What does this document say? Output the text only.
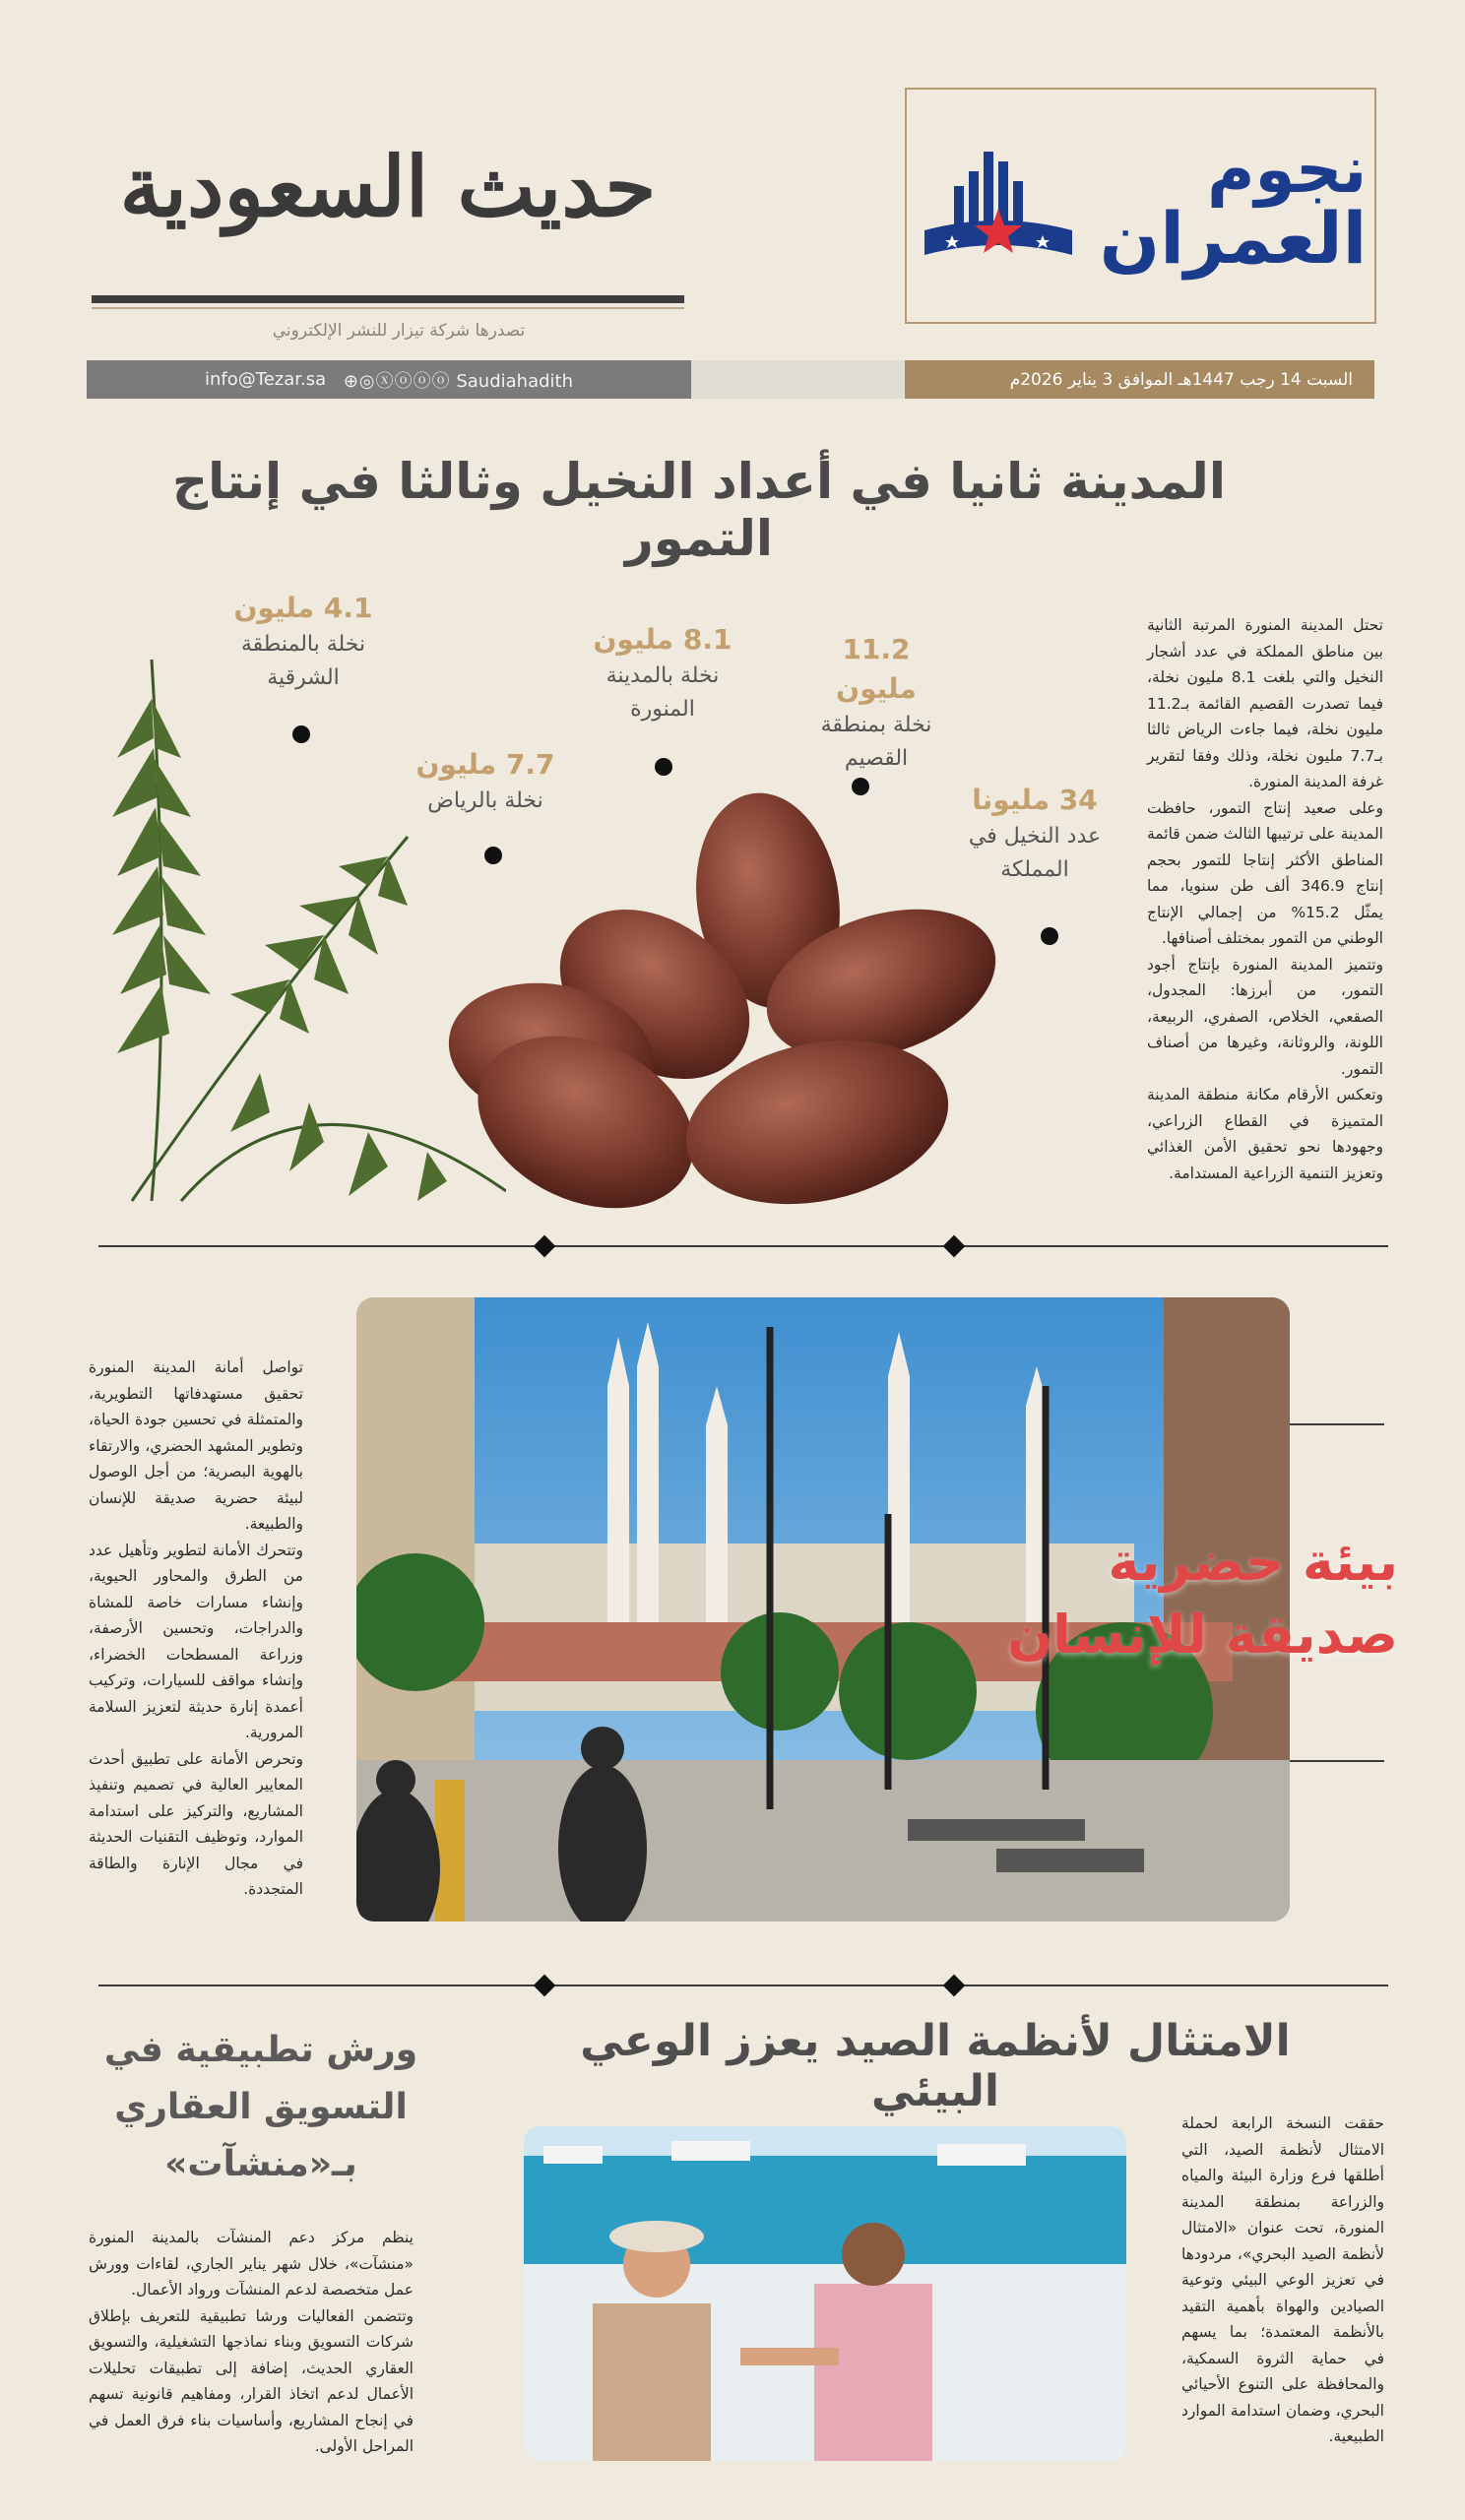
نجوم
العمران
حديث السعودية
تصدرها شركة تيزار للنشر الإلكتروني
السبت 14 رجب 1447هـ الموافق 3 يناير 2026م
info@Tezar.sa ⊕◎ⓧⓞⓞⓞ Saudiahadith
المدينة ثانيا في أعداد النخيل وثالثا في إنتاج التمور

تحتل المدينة المنورة المرتبة الثانية بين مناطق المملكة في عدد أشجار النخيل والتي بلغت 8.1 مليون نخلة، فيما تصدرت القصيم القائمة بـ11.2 مليون نخلة، فيما جاءت الرياض ثالثا بـ7.7 مليون نخلة، وذلك وفقا لتقرير غرفة المدينة المنورة.

وعلى صعيد إنتاج التمور، حافظت المدينة على ترتيبها الثالث ضمن قائمة المناطق الأكثر إنتاجا للتمور بحجم إنتاج 346.9 ألف طن سنويا، مما يمثّل 15.2% من إجمالي الإنتاج الوطني من التمور بمختلف أصنافها.

وتتميز المدينة المنورة بإنتاج أجود التمور، من أبرزها: المجدول، الصقعي، الخلاص، الصفري، الربيعة، اللونة، والروثانة، وغيرها من أصناف التمور.

وتعكس الأرقام مكانة منطقة المدينة المتميزة في القطاع الزراعي، وجهودها نحو تحقيق الأمن الغذائي وتعزيز التنمية الزراعية المستدامة.

4.1 مليون
نخلة بالمنطقة الشرقية
8.1 مليون
نخلة بالمدينة المنورة
11.2 مليون
نخلة بمنطقة القصيم
7.7 مليون
نخلة بالرياض	34 مليونا
عدد النخيل في المملكة
بيئة حضرية
صديقة للإنسان

تواصل أمانة المدينة المنورة تحقيق مستهدفاتها التطويرية، والمتمثلة في تحسين جودة الحياة، وتطوير المشهد الحضري، والارتقاء بالهوية البصرية؛ من أجل الوصول لبيئة حضرية صديقة للإنسان والطبيعة.

وتتحرك الأمانة لتطوير وتأهيل عدد من الطرق والمحاور الحيوية، وإنشاء مسارات خاصة للمشاة والدراجات، وتحسين الأرصفة، وزراعة المسطحات الخضراء، وإنشاء مواقف للسيارات، وتركيب أعمدة إنارة حديثة لتعزيز السلامة المرورية.

وتحرص الأمانة على تطبيق أحدث المعايير العالية في تصميم وتنفيذ المشاريع، والتركيز على استدامة الموارد، وتوظيف التقنيات الحديثة في مجال الإنارة والطاقة المتجددة.

الامتثال لأنظمة الصيد يعزز الوعي البيئي

حققت النسخة الرابعة لحملة الامتثال لأنظمة الصيد، التي أطلقها فرع وزارة البيئة والمياه والزراعة بمنطقة المدينة المنورة، تحت عنوان «الامتثال لأنظمة الصيد البحري»، مردودها في تعزيز الوعي البيئي وتوعية الصيادين والهواة بأهمية التقيد بالأنظمة المعتمدة؛ بما يسهم في حماية الثروة السمكية، والمحافظة على التنوع الأحيائي البحري، وضمان استدامة الموارد الطبيعية.

ورش تطبيقية في التسويق العقاري بـ«منشآت»

ينظم مركز دعم المنشآت بالمدينة المنورة «منشآت»، خلال شهر يناير الجاري، لقاءات وورش عمل متخصصة لدعم المنشآت ورواد الأعمال.

وتتضمن الفعاليات ورشا تطبيقية للتعريف بإطلاق شركات التسويق وبناء نماذجها التشغيلية، والتسويق العقاري الحديث، إضافة إلى تطبيقات تحليلات الأعمال لدعم اتخاذ القرار، ومفاهيم قانونية تسهم في إنجاح المشاريع، وأساسيات بناء فرق العمل في المراحل الأولى.
